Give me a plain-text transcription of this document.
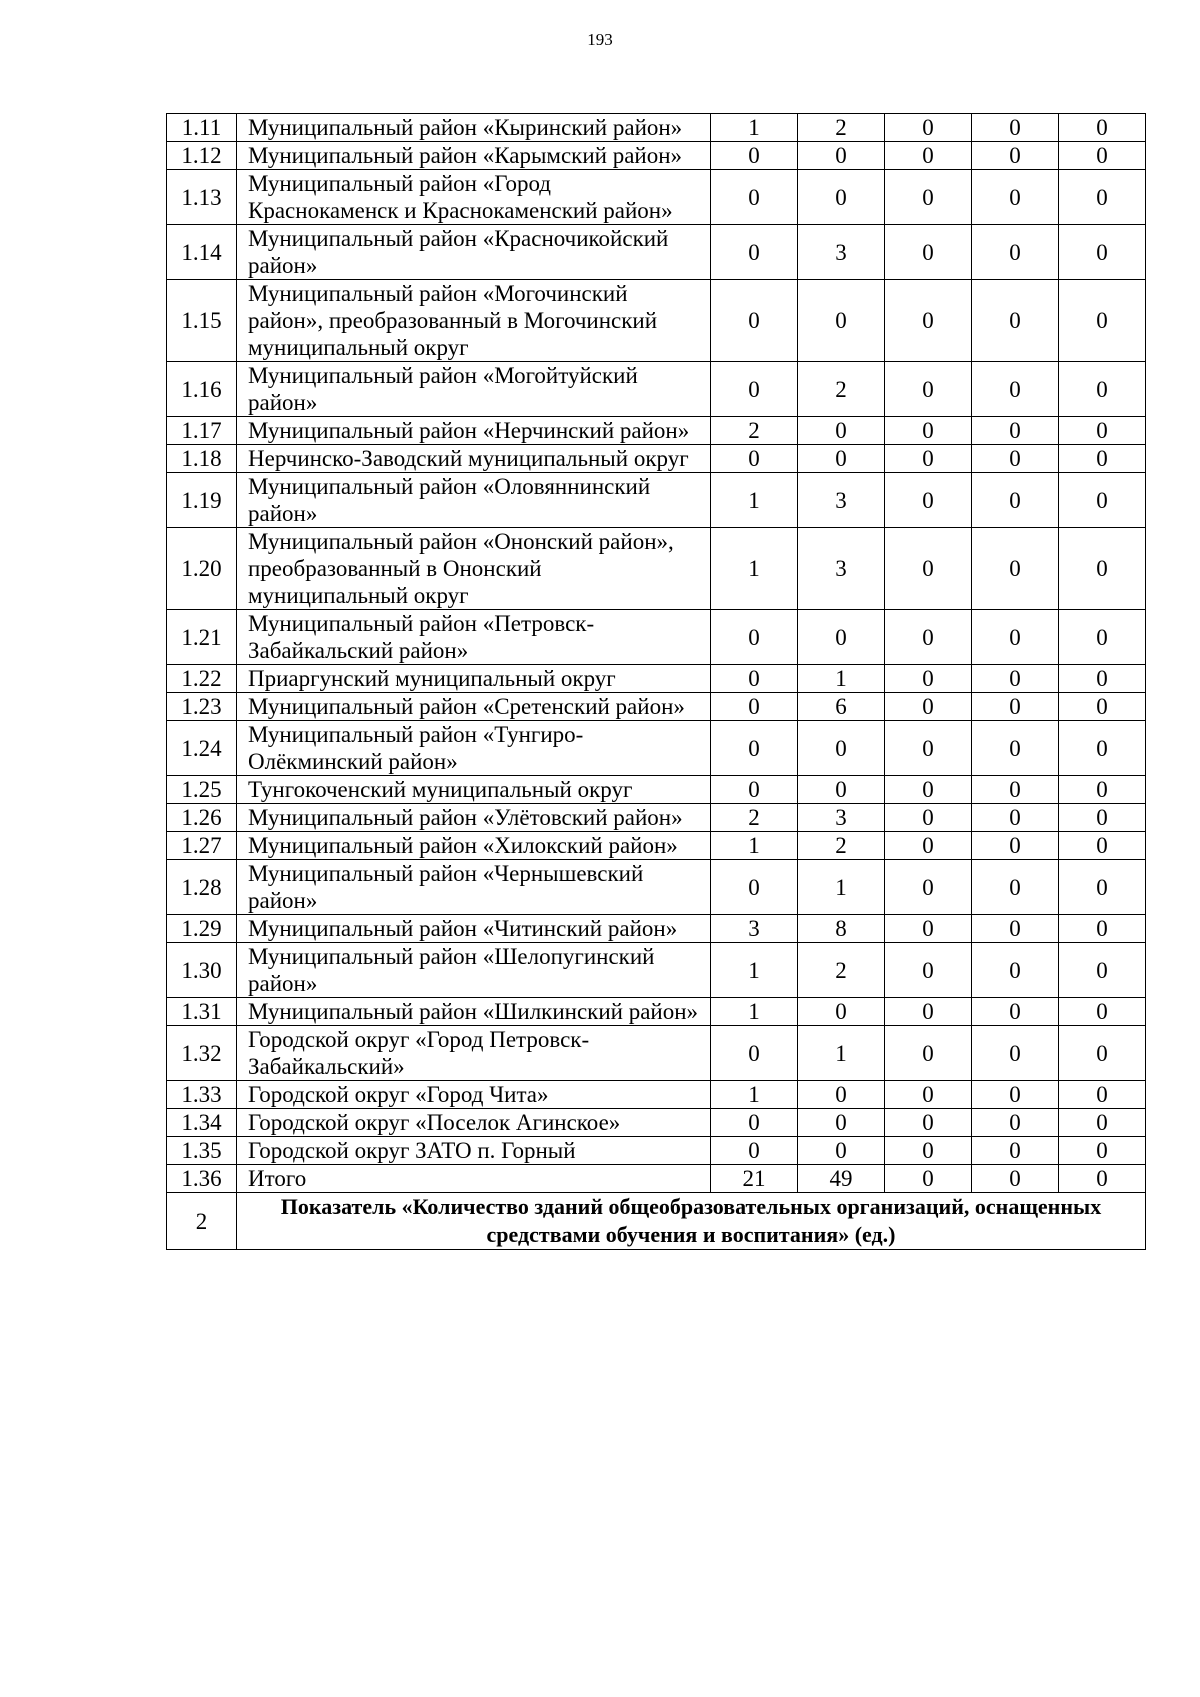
193
1.11	Муниципальный район «Кыринский район»	1	2	0	0	0
1.12	Муниципальный район «Карымский район»	0	0	0	0	0
1.13	Муниципальный район «Город Краснокаменск и Краснокаменский район»	0	0	0	0	0
1.14	Муниципальный район «Красночикойский район»	0	3	0	0	0
1.15	Муниципальный район «Могочинский район», преобразованный в Могочинский муниципальный округ	0	0	0	0	0
1.16	Муниципальный район «Могойтуйский район»	0	2	0	0	0
1.17	Муниципальный район «Нерчинский район»	2	0	0	0	0
1.18	Нерчинско-Заводский муниципальный округ	0	0	0	0	0
1.19	Муниципальный район «Оловяннинский район»	1	3	0	0	0
1.20	Муниципальный район «Ононский район», преобразованный в Ононский муниципальный округ	1	3	0	0	0
1.21	Муниципальный район «Петровск-Забайкальский район»	0	0	0	0	0
1.22	Приаргунский муниципальный округ	0	1	0	0	0
1.23	Муниципальный район «Сретенский район»	0	6	0	0	0
1.24	Муниципальный район «Тунгиро-Олёкминский район»	0	0	0	0	0
1.25	Тунгокоченский муниципальный округ	0	0	0	0	0
1.26	Муниципальный район «Улётовский район»	2	3	0	0	0
1.27	Муниципальный район «Хилокский район»	1	2	0	0	0
1.28	Муниципальный район «Чернышевский район»	0	1	0	0	0
1.29	Муниципальный район «Читинский район»	3	8	0	0	0
1.30	Муниципальный район «Шелопугинский район»	1	2	0	0	0
1.31	Муниципальный район «Шилкинский район»	1	0	0	0	0
1.32	Городской округ «Город Петровск-Забайкальский»	0	1	0	0	0
1.33	Городской округ «Город Чита»	1	0	0	0	0
1.34	Городской округ «Поселок Агинское»	0	0	0	0	0
1.35	Городской округ ЗАТО п. Горный	0	0	0	0	0
1.36	Итого	21	49	0	0	0
2	Показатель «Количество зданий общеобразовательных организаций, оснащенных средствами обучения и воспитания» (ед.)					
